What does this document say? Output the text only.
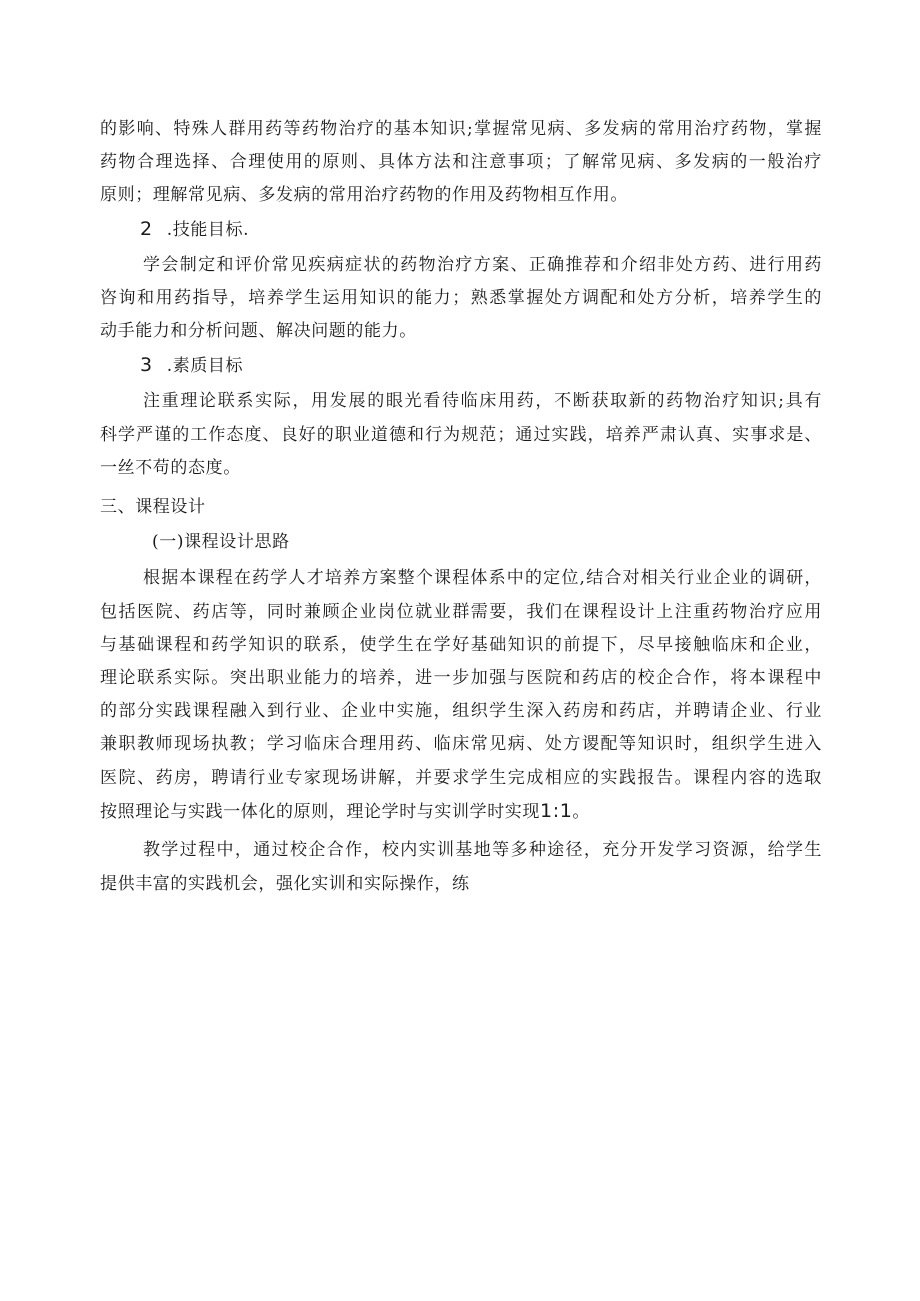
的影响、特殊人群用药等药物治疗的基本知识;掌握常见病、多发病的常用治疗药物，掌握
药物合理选择、合理使用的原则、具体方法和注意事项；了解常见病、多发病的一般治疗
原则；理解常见病、多发病的常用治疗药物的作用及药物相互作用。
2 .技能目标.
学会制定和评价常见疾病症状的药物治疗方案、正确推荐和介绍非处方药、进行用药
咨询和用药指导，培养学生运用知识的能力；熟悉掌握处方调配和处方分析，培养学生的
动手能力和分析问题、解决问题的能力。
3 .素质目标
注重理论联系实际，用发展的眼光看待临床用药，不断获取新的药物治疗知识;具有
科学严谨的工作态度、良好的职业道德和行为规范；通过实践，培养严肃认真、实事求是、
一丝不苟的态度。
三、课程设计
(一)课程设计思路
根据本课程在药学人才培养方案整个课程体系中的定位,结合对相关行业企业的调研，
包括医院、药店等，同时兼顾企业岗位就业群需要，我们在课程设计上注重药物治疗应用
与基础课程和药学知识的联系，使学生在学好基础知识的前提下，尽早接触临床和企业，
理论联系实际。突出职业能力的培养，进一步加强与医院和药店的校企合作，将本课程中
的部分实践课程融入到行业、企业中实施，组织学生深入药房和药店，并聘请企业、行业
兼职教师现场执教；学习临床合理用药、临床常见病、处方谡配等知识时，组织学生进入
医院、药房，聘请行业专家现场讲解，并要求学生完成相应的实践报告。课程内容的选取
按照理论与实践一体化的原则，理论学时与实训学时实现1:1。
教学过程中，通过校企合作，校内实训基地等多种途径，充分开发学习资源，给学生
提供丰富的实践机会，强化实训和实际操作，练
